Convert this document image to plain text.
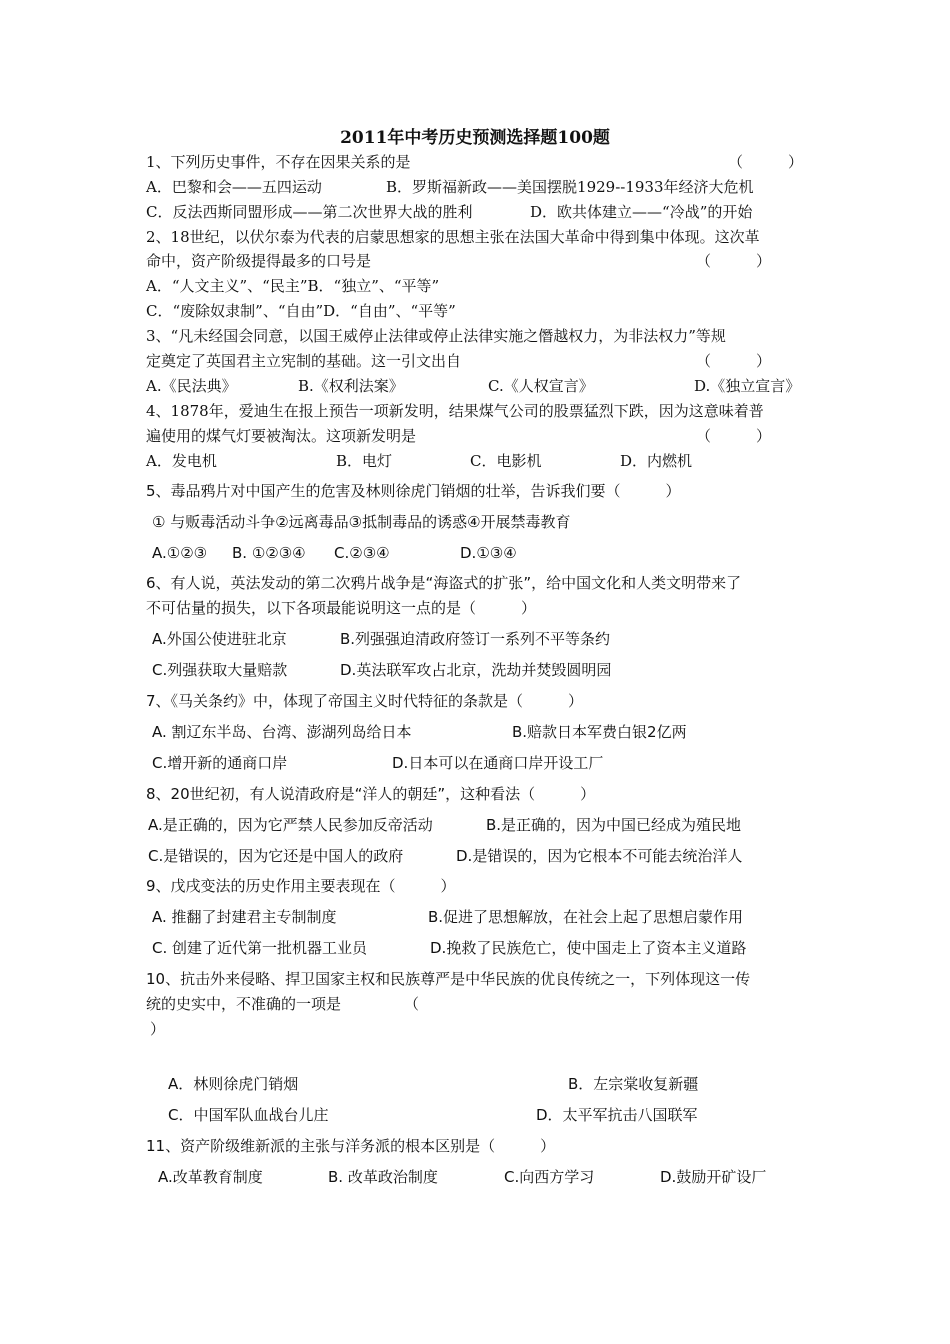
2011年中考历史预测选择题100题
1、下列历史事件，不存在因果关系的是	（　　　）
A．巴黎和会——五四运动	B．罗斯福新政——美国摆脱1929--1933年经济大危机
C．反法西斯同盟形成——第二次世界大战的胜利	D．欧共体建立——“冷战”的开始
2、18世纪，以伏尔泰为代表的启蒙思想家的思想主张在法国大革命中得到集中体现。这次革
命中，资产阶级提得最多的口号是	（　　　）
A．“人文主义”、“民主”B．“独立”、“平等”
C．“废除奴隶制”、“自由”D．“自由”、“平等”
3、“凡未经国会同意，以国王威停止法律或停止法律实施之僭越权力，为非法权力”等规
定奠定了英国君主立宪制的基础。这一引文出自	（　　　）
A.《民法典》	B.《权利法案》	C.《人权宣言》	D.《独立宣言》
4、1878年，爱迪生在报上预告一项新发明，结果煤气公司的股票猛烈下跌，因为这意味着普
遍使用的煤气灯要被淘汰。这项新发明是	（　　　）
A．发电机	B．电灯	C．电影机	D．内燃机
5、毒品鸦片对中国产生的危害及林则徐虎门销烟的壮举，告诉我们要（　　　）
① 与贩毒活动斗争②远离毒品③抵制毒品的诱惑④开展禁毒教育
A.①②③ B. ①②③④ C.②③④	D.①③④
6、有人说，英法发动的第二次鸦片战争是“海盗式的扩张”，给中国文化和人类文明带来了
不可估量的损失，以下各项最能说明这一点的是（　　　）
A.外国公使进驻北京	B.列强强迫清政府签订一系列不平等条约
C.列强获取大量赔款	D.英法联军攻占北京，洗劫并焚毁圆明园
7、《马关条约》中，体现了帝国主义时代特征的条款是（　　　）
A. 割辽东半岛、台湾、澎湖列岛给日本	B.赔款日本军费白银2亿两
C.增开新的通商口岸	D.日本可以在通商口岸开设工厂
8、20世纪初，有人说清政府是“洋人的朝廷”，这种看法（　　　）
A.是正确的，因为它严禁人民参加反帝活动	B.是正确的，因为中国已经成为殖民地
C.是错误的，因为它还是中国人的政府	D.是错误的，因为它根本不可能去统治洋人
9、戊戌变法的历史作用主要表现在（　　　）
A. 推翻了封建君主专制制度	B.促进了思想解放，在社会上起了思想启蒙作用
C. 创建了近代第一批机器工业员	D.挽救了民族危亡，使中国走上了资本主义道路
10、抗击外来侵略、捍卫国家主权和民族尊严是中华民族的优良传统之一，下列体现这一传
统的史实中，不准确的一项是	（
）
A．林则徐虎门销烟	B．左宗棠收复新疆
C．中国军队血战台儿庄	D．太平军抗击八国联军
11、资产阶级维新派的主张与洋务派的根本区别是（　　　）
A.改革教育制度	B. 改革政治制度	C.向西方学习	D.鼓励开矿设厂
